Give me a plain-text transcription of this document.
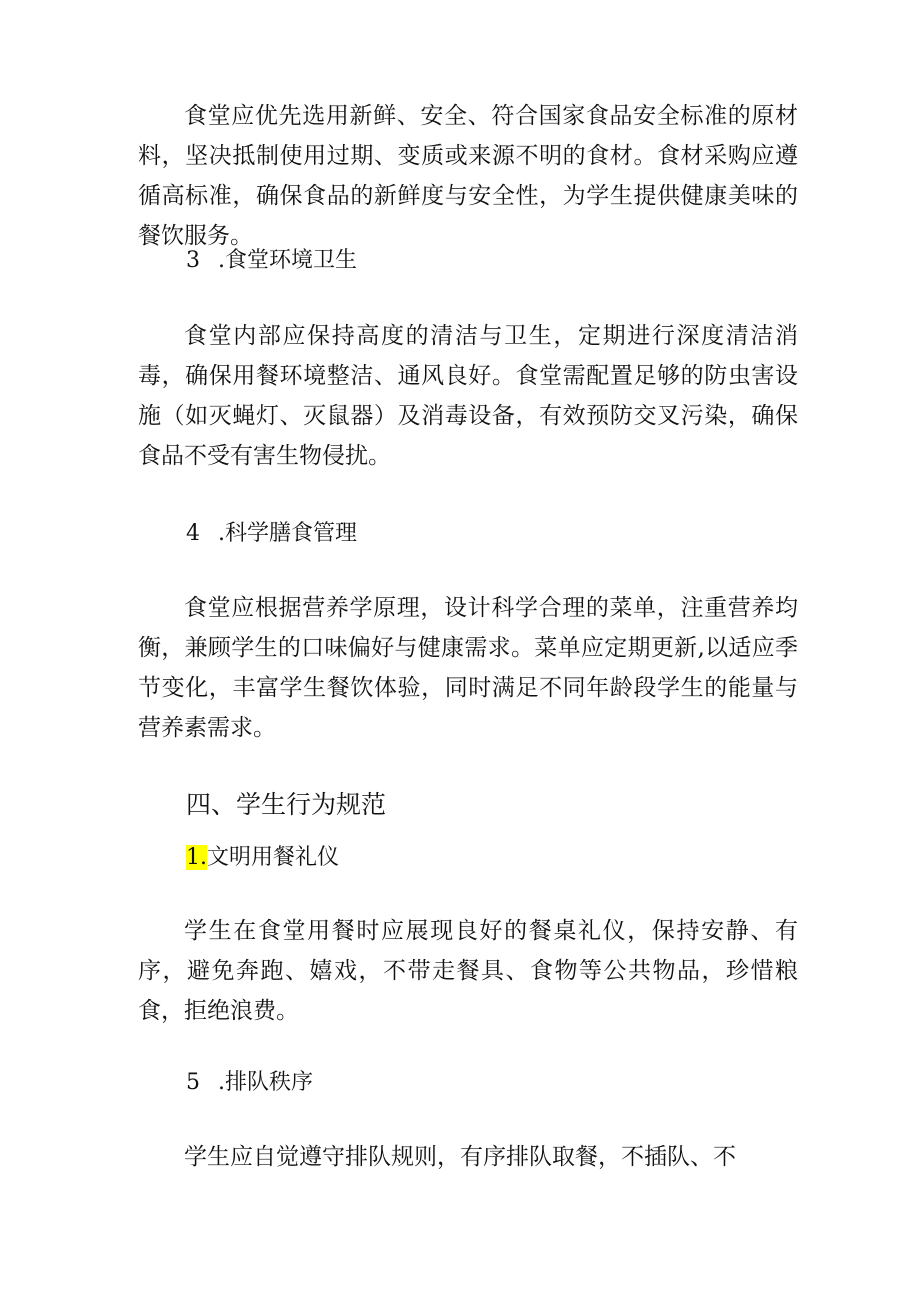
食堂应优先选用新鲜、安全、符合国家食品安全标准的原材料，坚决抵制使用过期、变质或来源不明的食材。食材采购应遵循高标准，确保食品的新鲜度与安全性，为学生提供健康美味的餐饮服务。

3 .食堂环境卫生

食堂内部应保持高度的清洁与卫生，定期进行深度清洁消毒，确保用餐环境整洁、通风良好。食堂需配置足够的防虫害设施（如灭蝇灯、灭鼠器）及消毒设备，有效预防交叉污染，确保食品不受有害生物侵扰。

4 .科学膳食管理

食堂应根据营养学原理，设计科学合理的菜单，注重营养均衡，兼顾学生的口味偏好与健康需求。菜单应定期更新,以适应季节变化，丰富学生餐饮体验，同时满足不同年龄段学生的能量与营养素需求。

四、学生行为规范
1.文明用餐礼仪

学生在食堂用餐时应展现良好的餐桌礼仪，保持安静、有序，避免奔跑、嬉戏，不带走餐具、食物等公共物品，珍惜粮食，拒绝浪费。

5 .排队秩序

学生应自觉遵守排队规则，有序排队取餐，不插队、不
